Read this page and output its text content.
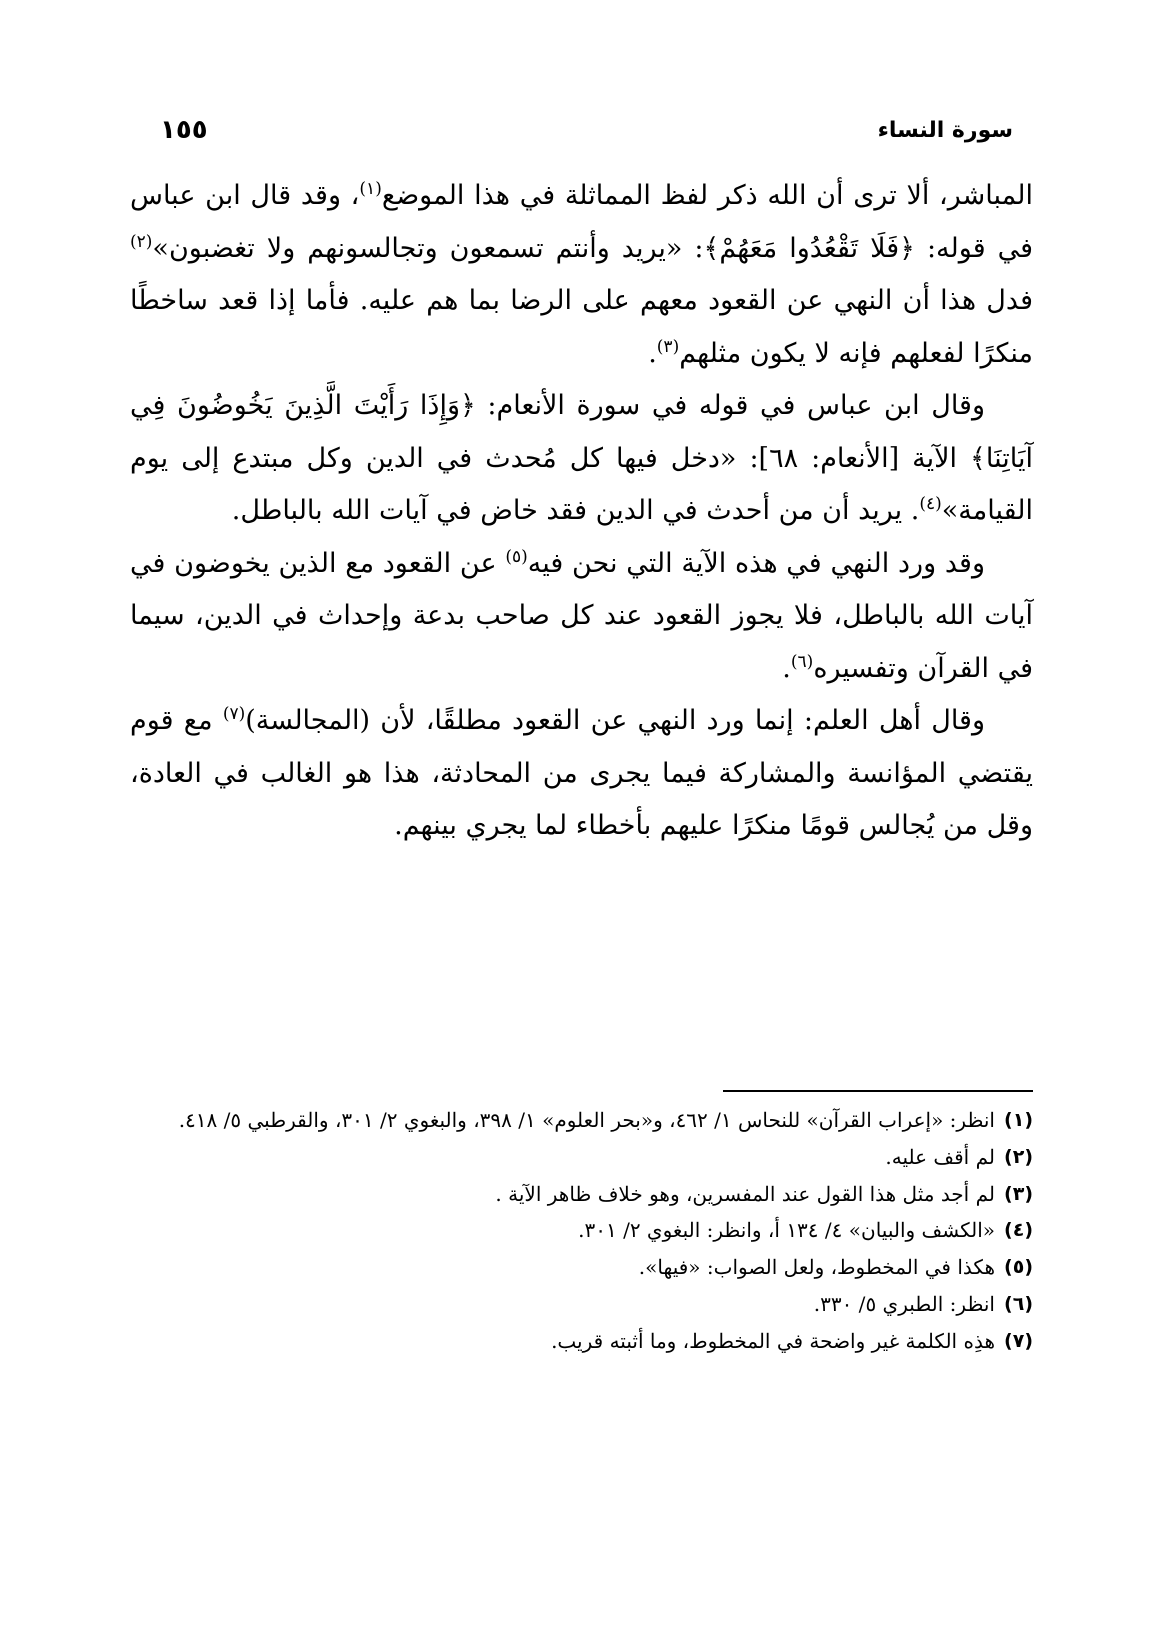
سورة النساء
١٥٥

المباشر، ألا ترى أن الله ذكر لفظ المماثلة في هذا الموضع$^{(١)}$، وقد قال ابن عباس في قوله: ﴿فَلَا تَقْعُدُوا مَعَهُمْ﴾: «يريد وأنتم تسمعون وتجالسونهم ولا تغضبون»$^{(٢)}$ فدل هذا أن النهي عن القعود معهم على الرضا بما هم عليه. فأما إذا قعد ساخطًا منكرًا لفعلهم فإنه لا يكون مثلهم$^{(٣)}$.

وقال ابن عباس في قوله في سورة الأنعام: ﴿وَإِذَا رَأَيْتَ الَّذِينَ يَخُوضُونَ فِي آيَاتِنَا﴾ الآية [الأنعام: ٦٨]: «دخل فيها كل مُحدث في الدين وكل مبتدع إلى يوم القيامة»$^{(٤)}$. يريد أن من أحدث في الدين فقد خاض في آيات الله بالباطل.

وقد ورد النهي في هذه الآية التي نحن فيه$^{(٥)}$ عن القعود مع الذين يخوضون في آيات الله بالباطل، فلا يجوز القعود عند كل صاحب بدعة وإحداث في الدين، سيما في القرآن وتفسيره$^{(٦)}$.

وقال أهل العلم: إنما ورد النهي عن القعود مطلقًا، لأن (المجالسة)$^{(٧)}$ مع قوم يقتضي المؤانسة والمشاركة فيما يجرى من المحادثة، هذا هو الغالب في العادة، وقل من يُجالس قومًا منكرًا عليهم بأخطاء لما يجري بينهم.

(١)
انظر: «إعراب القرآن» للنحاس ١/ ٤٦٢، و«بحر العلوم» ١/ ٣٩٨، والبغوي ٢/ ٣٠١، والقرطبي ٥/ ٤١٨.
(٢)
لم أقف عليه.
(٣)
لم أجد مثل هذا القول عند المفسرين، وهو خلاف ظاهر الآية .
(٤)
«الكشف والبيان» ٤/ ١٣٤ أ، وانظر: البغوي ٢/ ٣٠١.
(٥)
هكذا في المخطوط، ولعل الصواب: «فيها».
(٦)
انظر: الطبري ٥/ ٣٣٠.
(٧)
هذِه الكلمة غير واضحة في المخطوط، وما أثبته قريب.
